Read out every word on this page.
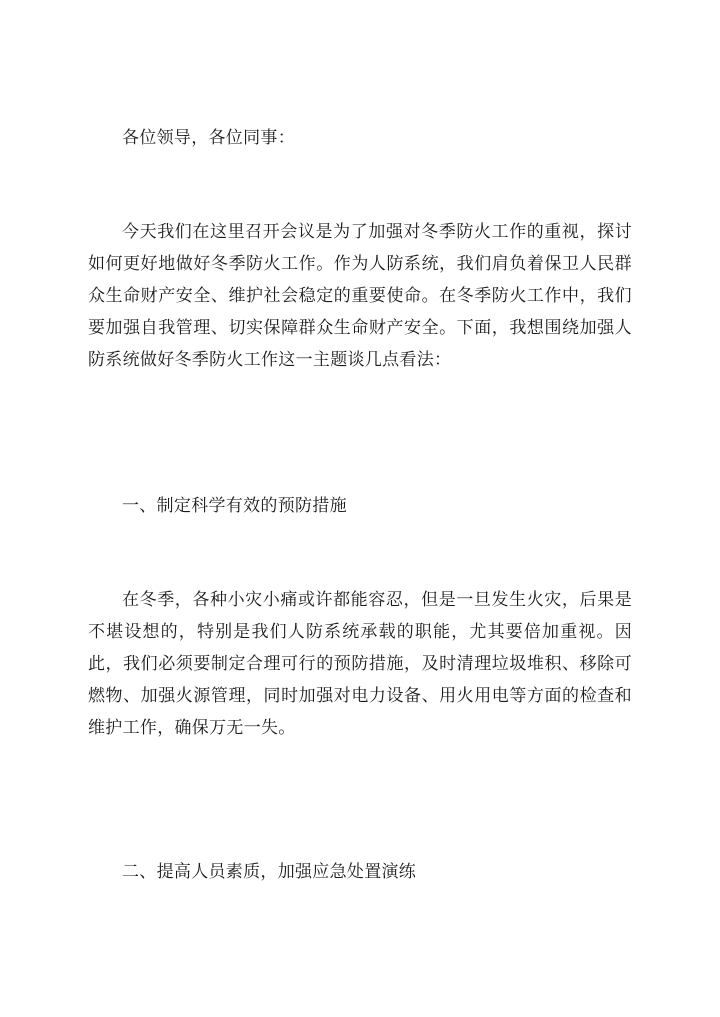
各位领导，各位同事：

今天我们在这里召开会议是为了加强对冬季防火工作的重视，探讨如何更好地做好冬季防火工作。作为人防系统，我们肩负着保卫人民群众生命财产安全、维护社会稳定的重要使命。在冬季防火工作中，我们要加强自我管理、切实保障群众生命财产安全。下面，我想围绕加强人防系统做好冬季防火工作这一主题谈几点看法：

一、制定科学有效的预防措施

在冬季，各种小灾小痛或许都能容忍，但是一旦发生火灾，后果是不堪设想的，特别是我们人防系统承载的职能，尤其要倍加重视。因此，我们必须要制定合理可行的预防措施，及时清理垃圾堆积、移除可燃物、加强火源管理，同时加强对电力设备、用火用电等方面的检查和维护工作，确保万无一失。

二、提高人员素质，加强应急处置演练
